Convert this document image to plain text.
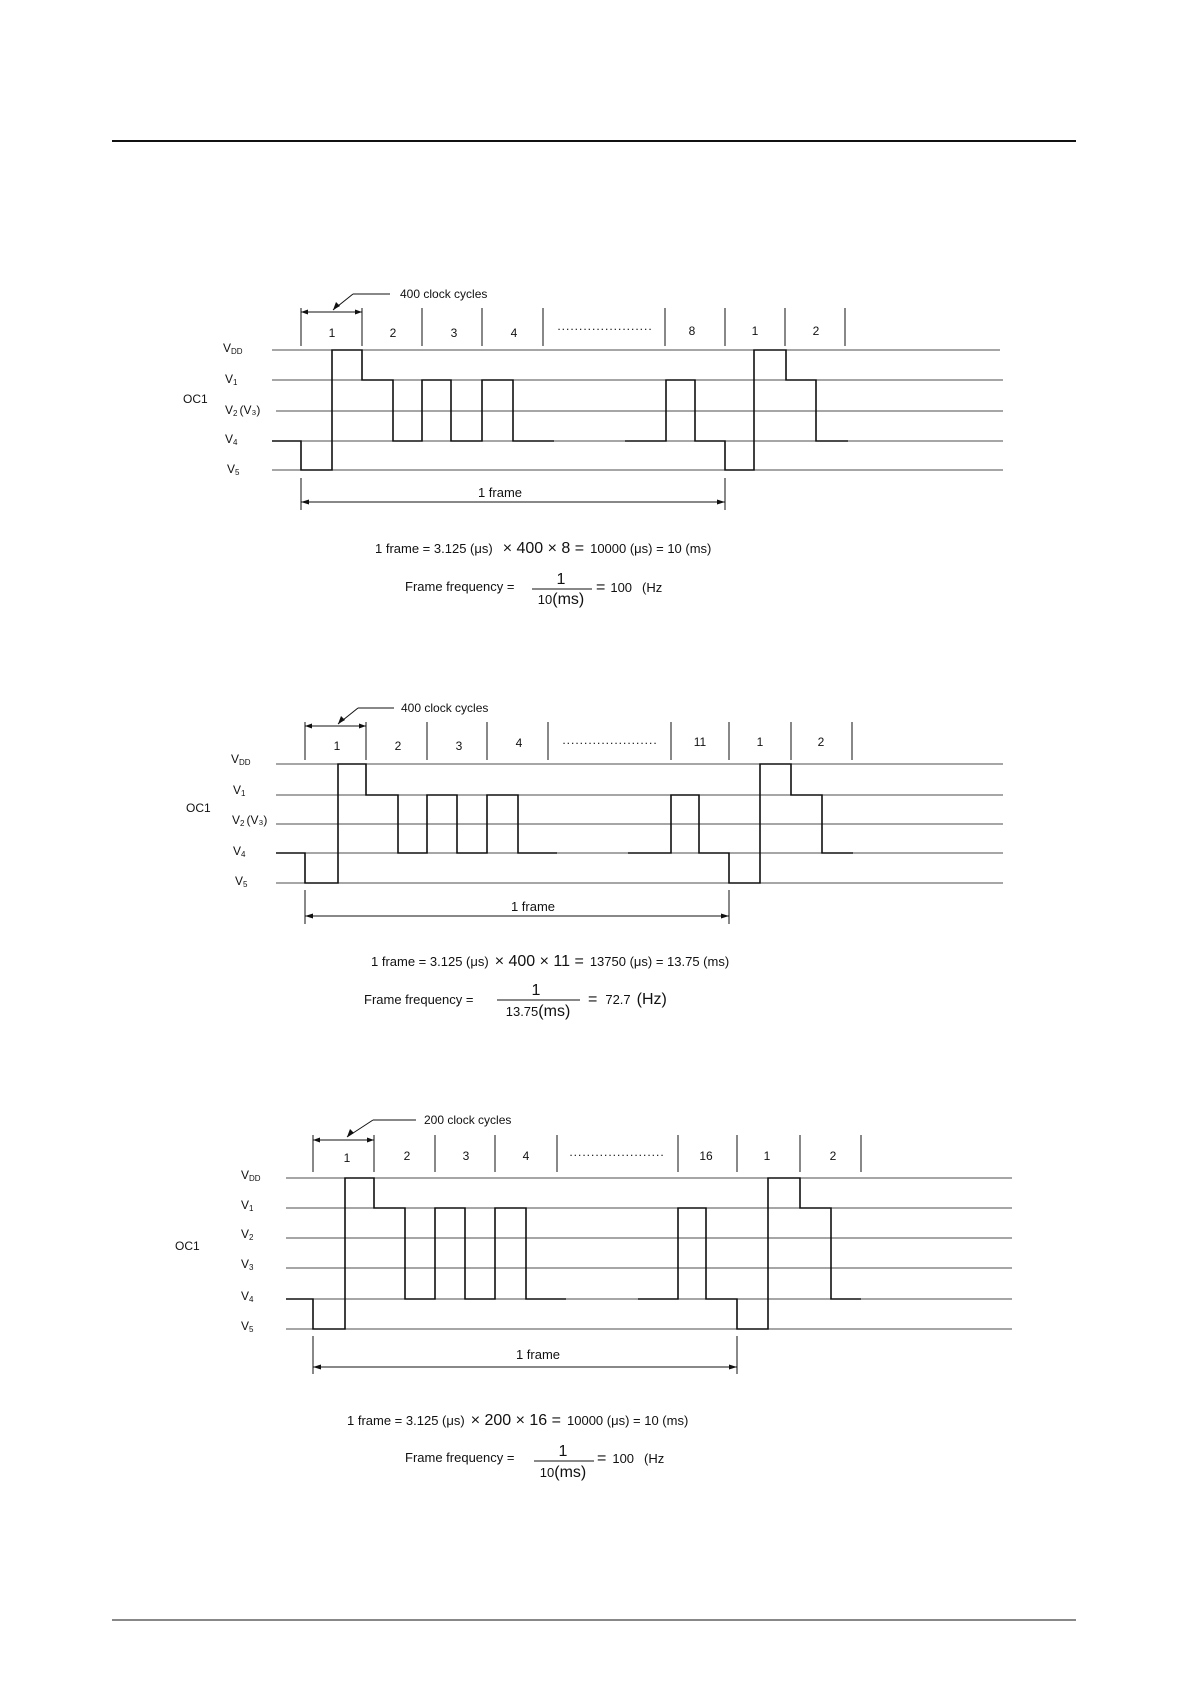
400 clock cycles
1	2	3	4	......................	8	1	2
VDD
V1
V2 (V₃)
V4
V5
OC1
1 frame
1 frame = 3.125 (μs) × 400 × 8 = 10000 (μs) = 10 (ms)
Frame frequency =	1
10(ms)
= 100 (Hz
400 clock cycles
1	2	3	4	......................	11	1	2
VDD
V1
V2 (V₃)
V4
V5
OC1
1 frame
1 frame = 3.125 (μs) × 400 × 11 = 13750 (μs) = 13.75 (ms)
Frame frequency =
1
13.75(ms)
= 72.7 (Hz)
200 clock cycles
1	2	3	4	......................	16	1	2
VDD
V1
V2
V3
V4
V5
OC1
1 frame
1 frame = 3.125 (μs) × 200 × 16 = 10000 (μs) = 10 (ms)
Frame frequency =	1
10(ms)
= 100 (Hz
